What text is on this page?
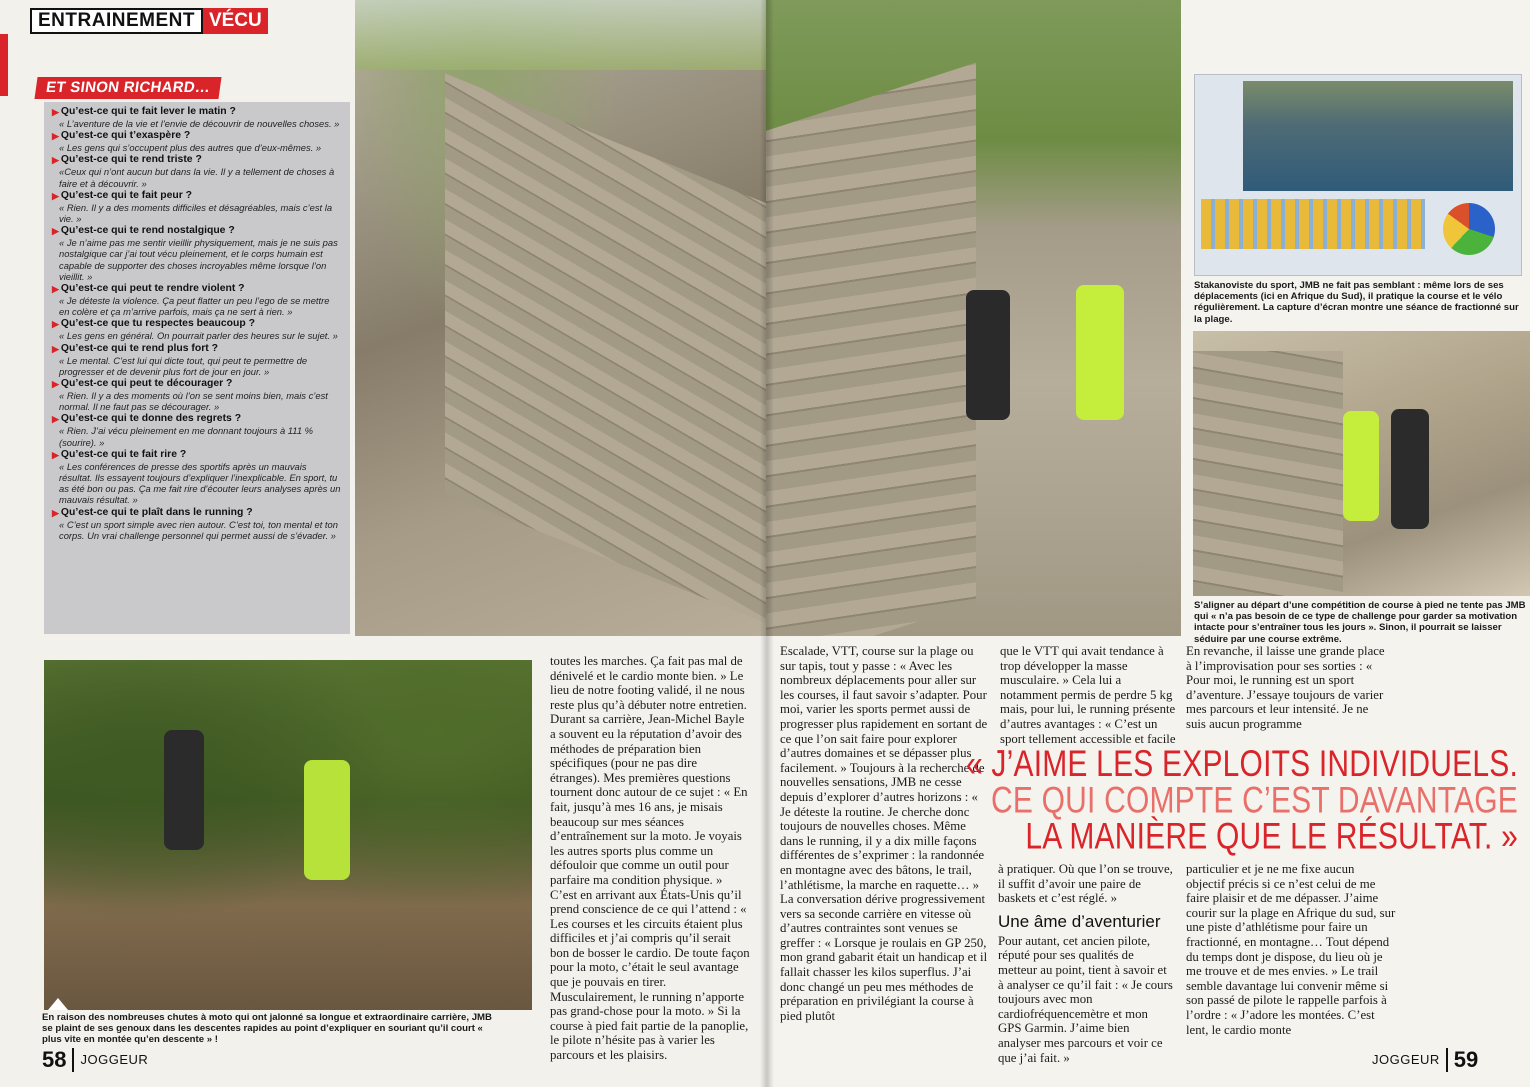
ENTRAINEMENT VÉCU
▶ Qu’est-ce qui te fait lever le matin ?
« L’aventure de la vie et l’envie de découvrir de nouvelles choses. »
▶ Qu’est-ce qui t’exaspère ?
« Les gens qui s’occupent plus des autres que d’eux-mêmes. »
▶ Qu’est-ce qui te rend triste ?
«Ceux qui n’ont aucun but dans la vie. Il y a tellement de choses à faire et à découvrir. »
▶ Qu’est-ce qui te fait peur ?
« Rien. Il y a des moments difficiles et désagréables, mais c’est la vie. »
▶ Qu’est-ce qui te rend nostalgique ?
« Je n’aime pas me sentir vieillir physiquement, mais je ne suis pas nostalgique car j’ai tout vécu pleinement, et le corps humain est capable de supporter des choses incroyables même lorsque l’on vieillit. »
▶ Qu’est-ce qui peut te rendre violent ?
« Je déteste la violence. Ça peut flatter un peu l’ego de se mettre en colère et ça m’arrive parfois, mais ça ne sert à rien. »
▶ Qu’est-ce que tu respectes beaucoup ?
« Les gens en général. On pourrait parler des heures sur le sujet. »
▶ Qu’est-ce qui te rend plus fort ?
« Le mental. C’est lui qui dicte tout, qui peut te permettre de progresser et de devenir plus fort de jour en jour. »
▶ Qu’est-ce qui peut te décourager ?
« Rien. Il y a des moments où l’on se sent moins bien, mais c’est normal. Il ne faut pas se décourager. »
▶ Qu’est-ce qui te donne des regrets ?
« Rien. J’ai vécu pleinement en me donnant toujours à 111 % (sourire). »
▶ Qu’est-ce qui te fait rire ?
« Les conférences de presse des sportifs après un mauvais résultat. Ils essayent toujours d’expliquer l’inexplicable. En sport, tu as été bon ou pas. Ça me fait rire d’écouter leurs analyses après un mauvais résultat. »
▶ Qu’est-ce qui te plaît dans le running ?
« C’est un sport simple avec rien autour. C’est toi, ton mental et ton corps. Un vrai challenge personnel qui permet aussi de s’évader. »
ET SINON RICHARD…
En raison des nombreuses chutes à moto qui ont jalonné sa longue et extraordinaire carrière, JMB se plaint de ses genoux dans les descentes rapides au point d’expliquer en souriant qu’il court « plus vite en montée qu’en descente » !
toutes les marches. Ça fait pas mal de dénivelé et le cardio monte bien. » Le lieu de notre footing validé, il ne nous reste plus qu’à débuter notre entretien. Durant sa carrière, Jean-Michel Bayle a souvent eu la réputation d’avoir des méthodes de préparation bien spécifiques (pour ne pas dire étranges). Mes premières questions tournent donc autour de ce sujet : « En fait, jusqu’à mes 16 ans, je misais beaucoup sur mes séances d’entraînement sur la moto. Je voyais les autres sports plus comme un défouloir que comme un outil pour parfaire ma condition physique. » C’est en arrivant aux États-Unis qu’il prend conscience de ce qui l’attend : « Les courses et les circuits étaient plus difficiles et j’ai compris qu’il serait bon de bosser le cardio. De toute façon pour la moto, c’était le seul avantage que je pouvais en tirer. Musculairement, le running n’apporte pas grand-chose pour la moto. » Si la course à pied fait partie de la panoplie, le pilote n’hésite pas à varier les parcours et les plaisirs.
58 $^{JOGGEUR}$
Stakanoviste du sport, JMB ne fait pas semblant : même lors de ses déplacements (ici en Afrique du Sud), il pratique la course et le vélo régulièrement. La capture d’écran montre une séance de fractionné sur la plage.
S’aligner au départ d’une compétition de course à pied ne tente pas JMB qui « n’a pas besoin de ce type de challenge pour garder sa motivation intacte pour s’entraîner tous les jours ». Sinon, il pourrait se laisser séduire par une course extrême.
Escalade, VTT, course sur la plage ou sur tapis, tout y passe : « Avec les nombreux déplacements pour aller sur les courses, il faut savoir s’adapter. Pour moi, varier les sports permet aussi de progresser plus rapidement en sortant de ce que l’on sait faire pour explorer d’autres domaines et se dépasser plus facilement. » Toujours à la recherche de nouvelles sensations, JMB ne cesse depuis d’explorer d’autres horizons : « Je déteste la routine. Je cherche donc toujours de nouvelles choses. Même dans le running, il y a dix mille façons différentes de s’exprimer : la randonnée en montagne avec des bâtons, le trail, l’athlétisme, la marche en raquette… » La conversation dérive progressivement vers sa seconde carrière en vitesse où d’autres contraintes sont venues se greffer : « Lorsque je roulais en GP 250, mon grand gabarit était un handicap et il fallait chasser les kilos superflus. J’ai donc changé un peu mes méthodes de préparation en privilégiant la course à pied plutôt
que le VTT qui avait tendance à trop développer la masse musculaire. » Cela lui a notamment permis de perdre 5 kg mais, pour lui, le running présente d’autres avantages : « C’est un sport tellement accessible et facile
En revanche, il laisse une grande place à l’improvisation pour ses sorties : « Pour moi, le running est un sport d’aventure. J’essaye toujours de varier mes parcours et leur intensité. Je ne suis aucun programme

à pratiquer. Où que l’on se trouve, il suffit d’avoir une paire de baskets et c’est réglé. »

Une âme d’aventurier

Pour autant, cet ancien pilote, réputé pour ses qualités de metteur au point, tient à savoir et à analyser ce qu’il fait : « Je cours toujours avec mon cardiofréquencemètre et mon GPS Garmin. J’aime bien analyser mes parcours et voir ce que j’ai fait. »

particulier et je ne me fixe aucun objectif précis si ce n’est celui de me faire plaisir et de me dépasser. J’aime courir sur la plage en Afrique du sud, sur une piste d’athlétisme pour faire un fractionné, en montagne… Tout dépend du temps dont je dispose, du lieu où je me trouve et de mes envies. » Le trail semble davantage lui convenir même si son passé de pilote le rappelle parfois à l’ordre : « J’adore les montées. C’est lent, le cardio monte
« J’AIME LES EXPLOITS INDIVIDUELS.
CE QUI COMPTE C’EST DAVANTAGE
LA MANIÈRE QUE LE RÉSULTAT. »
$^{JOGGEUR}$ 59
